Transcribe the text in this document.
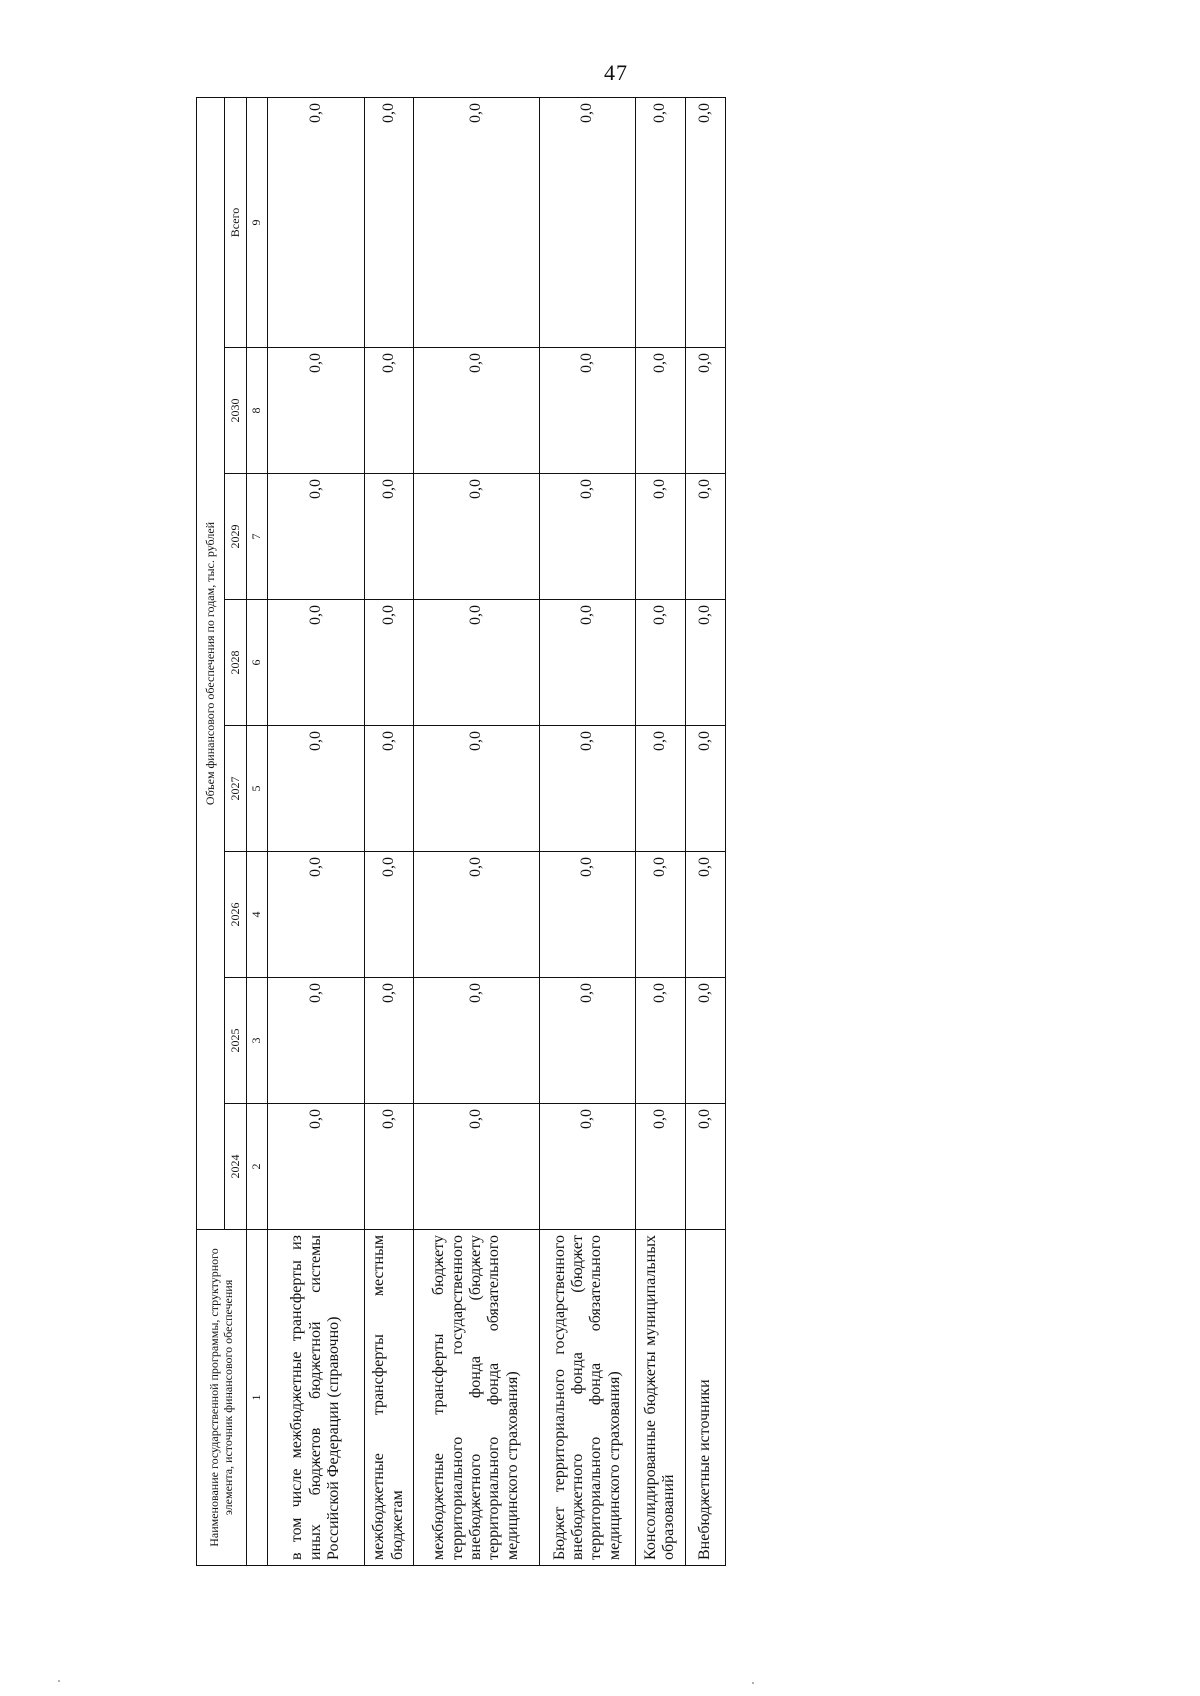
47
Наименование государственной программы, структурного элемента, источник финансового обеспечения	Объем финансового обеспечения по годам, тыс. рублей							
	2024	2025	2026	2027	2028	2029	2030	Всего
1	2	3	4	5	6	7	8	9
в том числе межбюджетные трансферты из иных бюджетов бюджетной системы Российской Федерации (справочно)	0,0	0,0	0,0	0,0	0,0	0,0	0,0	0,0
межбюджетные трансферты местным бюджетам	0,0	0,0	0,0	0,0	0,0	0,0	0,0	0,0
межбюджетные трансферты бюджету территориального государственного внебюджетного фонда (бюджету территориального фонда обязательного медицинского страхования)	0,0	0,0	0,0	0,0	0,0	0,0	0,0	0,0
Бюджет территориального государственного внебюджетного фонда (бюджет территориального фонда обязательного медицинского страхования)	0,0	0,0	0,0	0,0	0,0	0,0	0,0	0,0
Консолидированные бюджеты муниципальных образований	0,0	0,0	0,0	0,0	0,0	0,0	0,0	0,0
Внебюджетные источники	0,0	0,0	0,0	0,0	0,0	0,0	0,0	0,0
